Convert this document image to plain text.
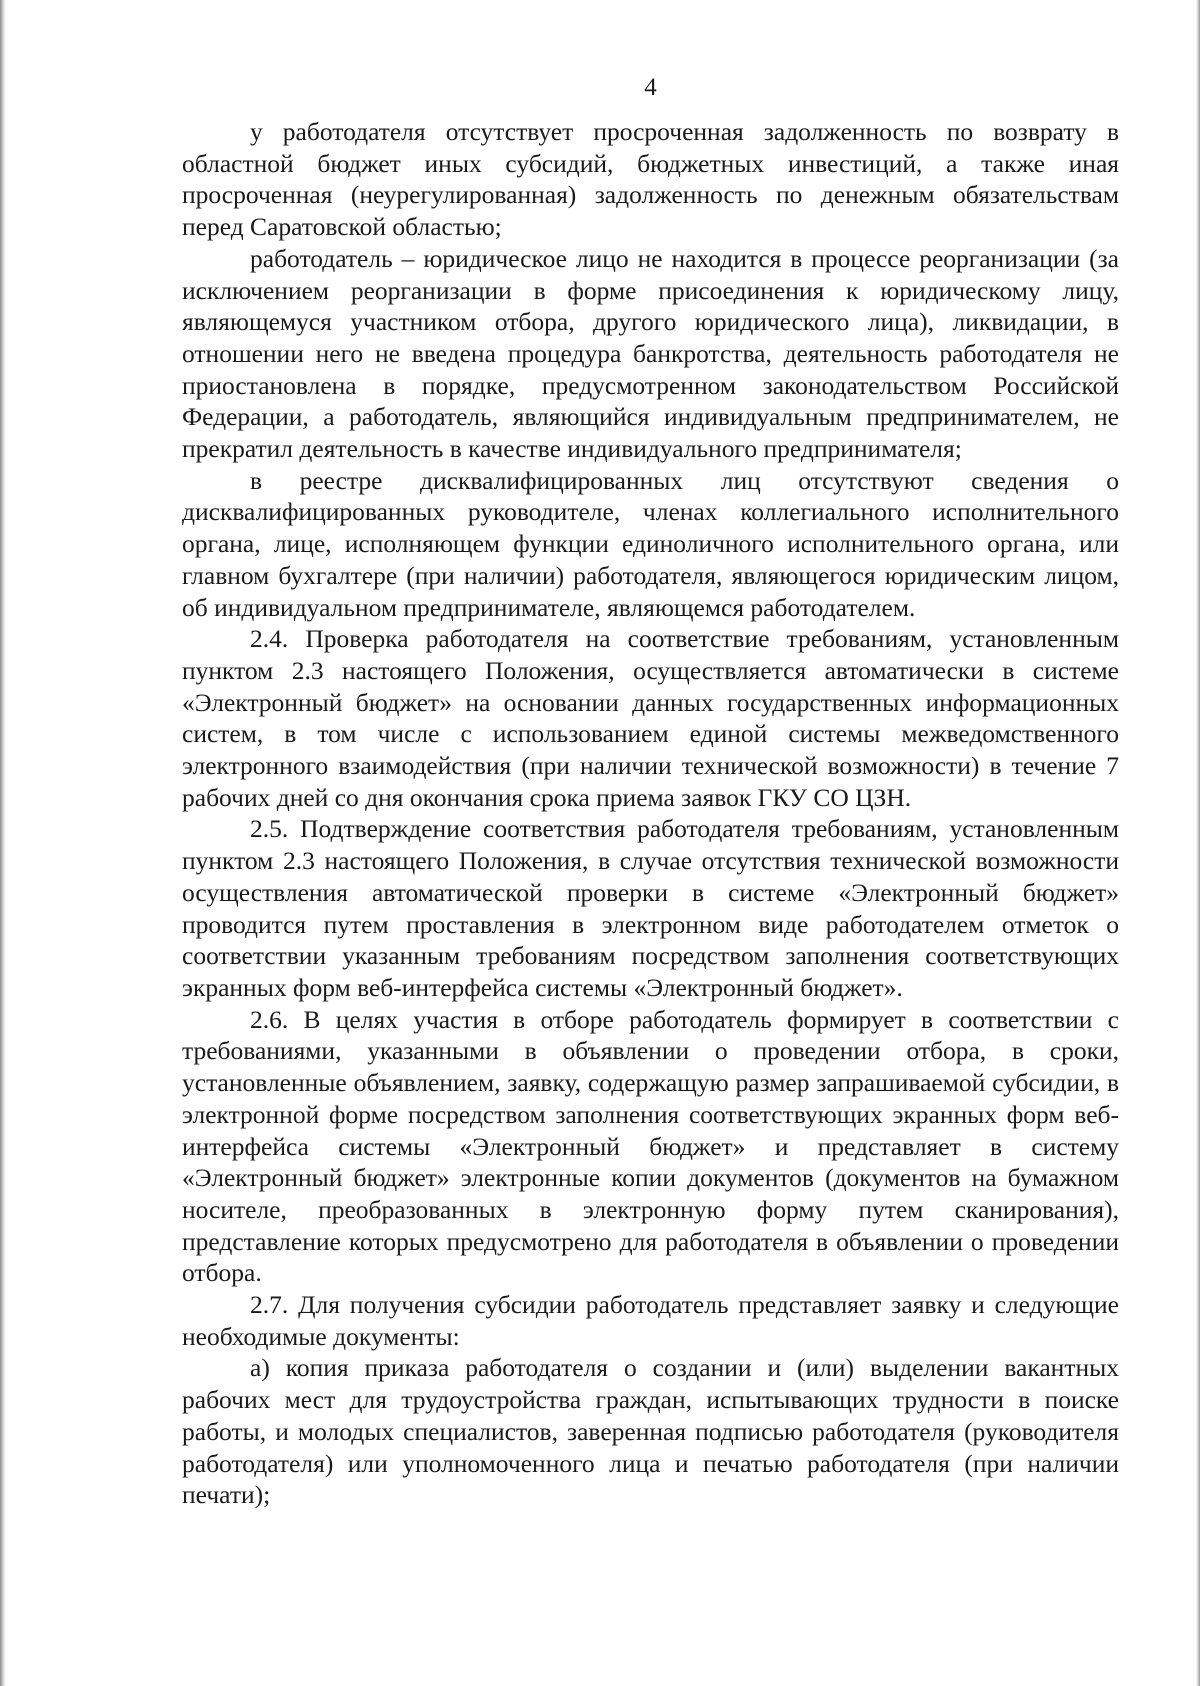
4

у работодателя отсутствует просроченная задолженность по возврату в областной бюджет иных субсидий, бюджетных инвестиций, а также иная просроченная (неурегулированная) задолженность по денежным обязательствам перед Саратовской областью;

работодатель – юридическое лицо не находится в процессе реорганизации (за исключением реорганизации в форме присоединения к юридическому лицу, являющемуся участником отбора, другого юридического лица), ликвидации, в отношении него не введена процедура банкротства, деятельность работодателя не приостановлена в порядке, предусмотренном законодательством Российской Федерации, а работодатель, являющийся индивидуальным предпринимателем, не прекратил деятельность в качестве индивидуального предпринимателя;

в реестре дисквалифицированных лиц отсутствуют сведения о дисквалифицированных руководителе, членах коллегиального исполнительного органа, лице, исполняющем функции единоличного исполнительного органа, или главном бухгалтере (при наличии) работодателя, являющегося юридическим лицом, об индивидуальном предпринимателе, являющемся работодателем.

2.4. Проверка работодателя на соответствие требованиям, установленным пунктом 2.3 настоящего Положения, осуществляется автоматически в системе «Электронный бюджет» на основании данных государственных информационных систем, в том числе с использованием единой системы межведомственного электронного взаимодействия (при наличии технической возможности) в течение 7 рабочих дней со дня окончания срока приема заявок ГКУ СО ЦЗН.

2.5. Подтверждение соответствия работодателя требованиям, установленным пунктом 2.3 настоящего Положения, в случае отсутствия технической возможности осуществления автоматической проверки в системе «Электронный бюджет» проводится путем проставления в электронном виде работодателем отметок о соответствии указанным требованиям посредством заполнения соответствующих экранных форм веб-интерфейса системы «Электронный бюджет».

2.6. В целях участия в отборе работодатель формирует в соответствии с требованиями, указанными в объявлении о проведении отбора, в сроки, установленные объявлением, заявку, содержащую размер запрашиваемой субсидии, в электронной форме посредством заполнения соответствующих экранных форм веб-интерфейса системы «Электронный бюджет» и представляет в систему «Электронный бюджет» электронные копии документов (документов на бумажном носителе, преобразованных в электронную форму путем сканирования), представление которых предусмотрено для работодателя в объявлении о проведении отбора.

2.7. Для получения субсидии работодатель представляет заявку и следующие необходимые документы:

а) копия приказа работодателя о создании и (или) выделении вакантных рабочих мест для трудоустройства граждан, испытывающих трудности в поиске работы, и молодых специалистов, заверенная подписью работодателя (руководителя работодателя) или уполномоченного лица и печатью работодателя (при наличии печати);
